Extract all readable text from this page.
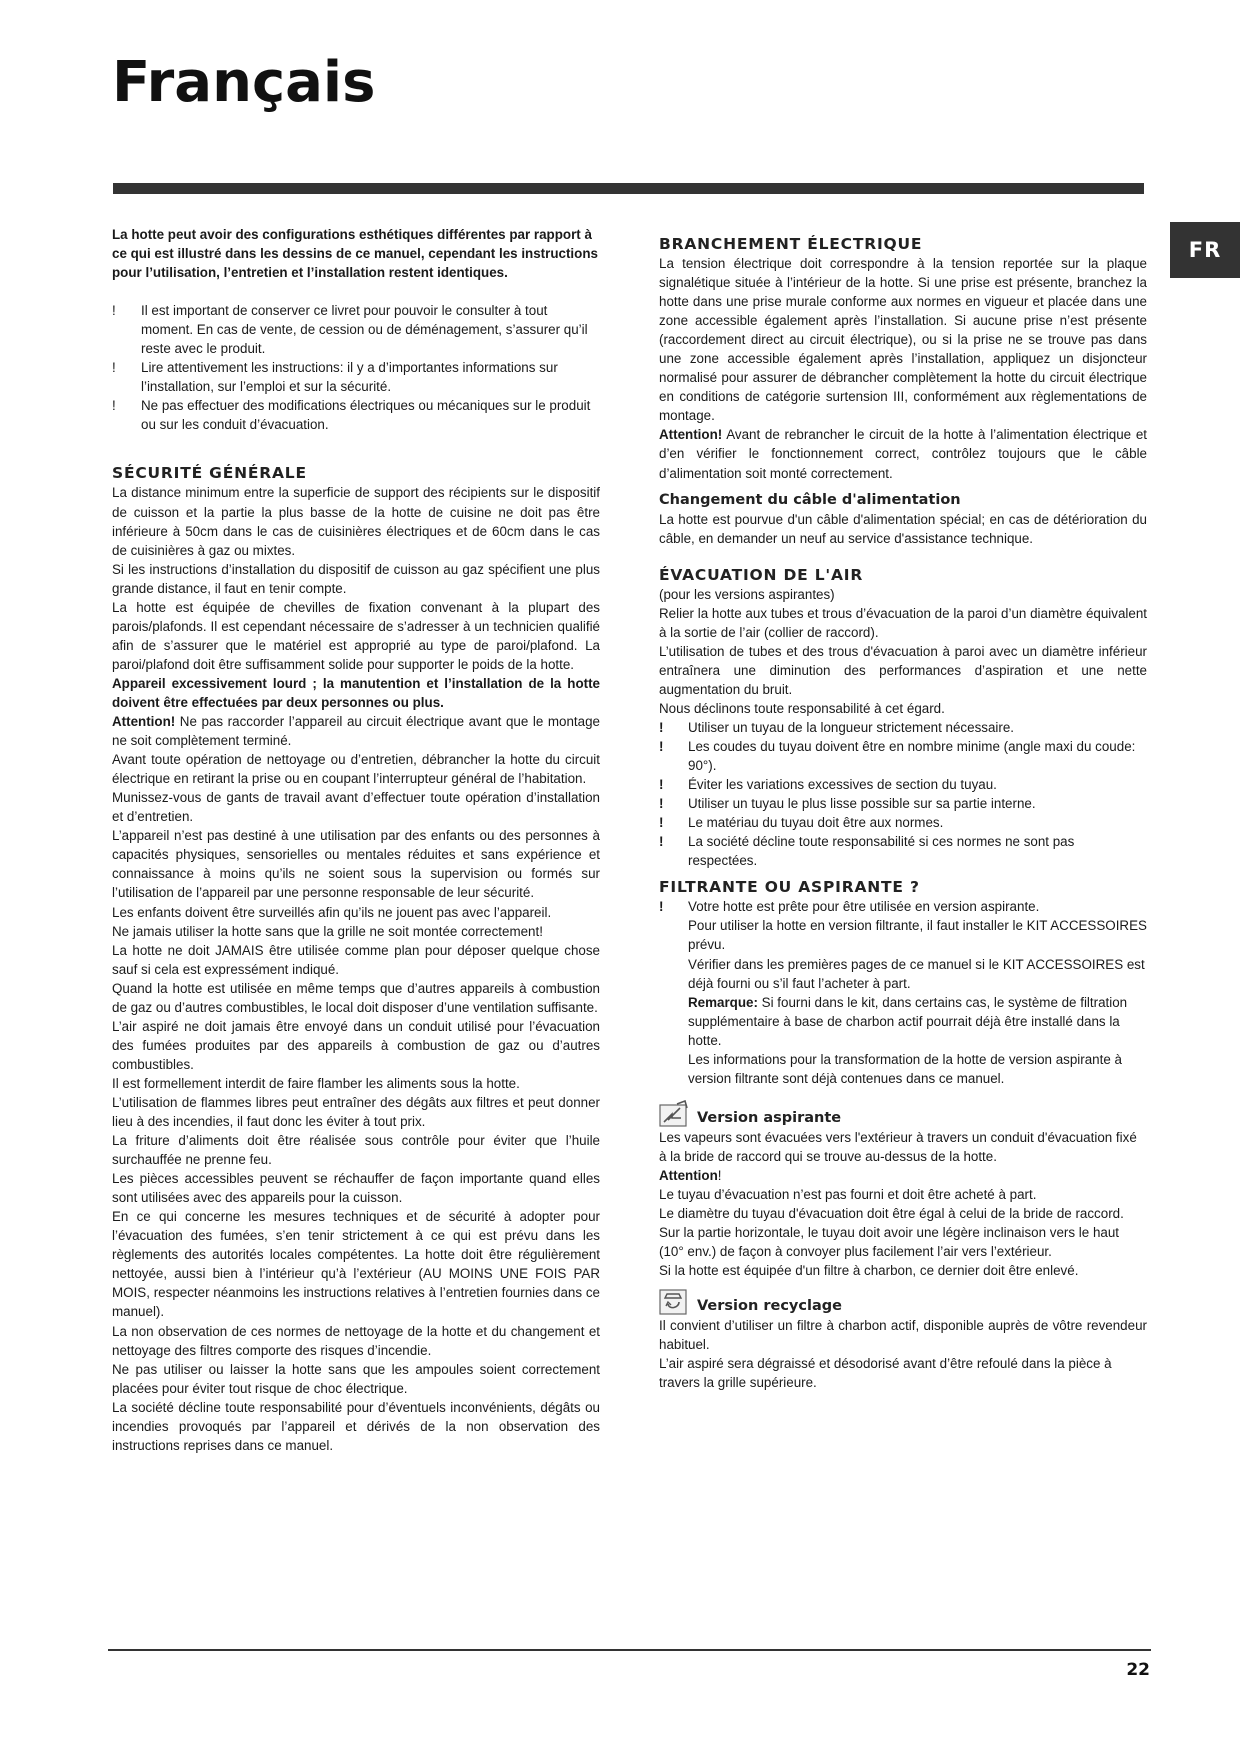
Français
FR

La hotte peut avoir des configurations esthétiques différentes par rapport à ce qui est illustré dans les dessins de ce manuel, cependant les instructions pour l’utilisation, l’entretien et l’installation restent identiques.

!	Il est important de conserver ce livret pour pouvoir le consulter à tout moment. En cas de vente, de cession ou de déménagement, s’assurer qu’il reste avec le produit.
!	Lire attentivement les instructions: il y a d’importantes informations sur l’installation, sur l’emploi et sur la sécurité.
!	Ne pas effectuer des modifications électriques ou mécaniques sur le produit ou sur les conduit d’évacuation.
SÉCURITÉ GÉNÉRALE

La distance minimum entre la superficie de support des récipients sur le dispositif de cuisson et la partie la plus basse de la hotte de cuisine ne doit pas être inférieure à 50cm dans le cas de cuisinières électriques et de 60cm dans le cas de cuisinières à gaz ou mixtes.

Si les instructions d’installation du dispositif de cuisson au gaz spécifient une plus grande distance, il faut en tenir compte.

La hotte est équipée de chevilles de fixation convenant à la plupart des parois/plafonds. Il est cependant nécessaire de s’adresser à un technicien qualifié afin de s’assurer que le matériel est approprié au type de paroi/plafond. La paroi/plafond doit être suffisamment solide pour supporter le poids de la hotte.

Appareil excessivement lourd ; la manutention et l’installation de la hotte doivent être effectuées par deux personnes ou plus.

Attention! Ne pas raccorder l’appareil au circuit électrique avant que le montage ne soit complètement terminé.

Avant toute opération de nettoyage ou d’entretien, débrancher la hotte du circuit électrique en retirant la prise ou en coupant l’interrupteur général de l’habitation.

Munissez-vous de gants de travail avant d’effectuer toute opération d’installation et d’entretien.

L’appareil n’est pas destiné à une utilisation par des enfants ou des personnes à capacités physiques, sensorielles ou mentales réduites et sans expérience et connaissance à moins qu’ils ne soient sous la supervision ou formés sur l’utilisation de l’appareil par une personne responsable de leur sécurité.

Les enfants doivent être surveillés afin qu’ils ne jouent pas avec l’appareil.

Ne jamais utiliser la hotte sans que la grille ne soit montée correctement!

La hotte ne doit JAMAIS être utilisée comme plan pour déposer quelque chose sauf si cela est expressément indiqué.

Quand la hotte est utilisée en même temps que d’autres appareils à combustion de gaz ou d’autres combustibles, le local doit disposer d’une ventilation suffisante.

L’air aspiré ne doit jamais être envoyé dans un conduit utilisé pour l’évacuation des fumées produites par des appareils à combustion de gaz ou d’autres combustibles.

Il est formellement interdit de faire flamber les aliments sous la hotte.

L’utilisation de flammes libres peut entraîner des dégâts aux filtres et peut donner lieu à des incendies, il faut donc les éviter à tout prix.

La friture d’aliments doit être réalisée sous contrôle pour éviter que l’huile surchauffée ne prenne feu.

Les pièces accessibles peuvent se réchauffer de façon importante quand elles sont utilisées avec des appareils pour la cuisson.

En ce qui concerne les mesures techniques et de sécurité à adopter pour l’évacuation des fumées, s’en tenir strictement à ce qui est prévu dans les règlements des autorités locales compétentes. La hotte doit être régulièrement nettoyée, aussi bien à l’intérieur qu’à l’extérieur (AU MOINS UNE FOIS PAR MOIS, respecter néanmoins les instructions relatives à l’entretien fournies dans ce manuel).

La non observation de ces normes de nettoyage de la hotte et du changement et nettoyage des filtres comporte des risques d’incendie.

Ne pas utiliser ou laisser la hotte sans que les ampoules soient correctement placées pour éviter tout risque de choc électrique.

La société décline toute responsabilité pour d’éventuels inconvénients, dégâts ou incendies provoqués par l’appareil et dérivés de la non observation des instructions reprises dans ce manuel.

BRANCHEMENT ÉLECTRIQUE

La tension électrique doit correspondre à la tension reportée sur la plaque signalétique située à l’intérieur de la hotte. Si une prise est présente, branchez la hotte dans une prise murale conforme aux normes en vigueur et placée dans une zone accessible également après l’installation. Si aucune prise n’est présente (raccordement direct au circuit électrique), ou si la prise ne se trouve pas dans une zone accessible également après l’installation, appliquez un disjoncteur normalisé pour assurer de débrancher complètement la hotte du circuit électrique en conditions de catégorie surtension III, conformément aux règlementations de montage.

Attention! Avant de rebrancher le circuit de la hotte à l’alimentation électrique et d’en vérifier le fonctionnement correct, contrôlez toujours que le câble d’alimentation soit monté correctement.

Changement du câble d'alimentation

La hotte est pourvue d'un câble d'alimentation spécial; en cas de détérioration du câble, en demander un neuf au service d'assistance technique.

ÉVACUATION DE L'AIR

(pour les versions aspirantes)

Relier la hotte aux tubes et trous d’évacuation de la paroi d’un diamètre équivalent à la sortie de l’air (collier de raccord).

L’utilisation de tubes et des trous d'évacuation à paroi avec un diamètre inférieur entraînera une diminution des performances d’aspiration et une nette augmentation du bruit.

Nous déclinons toute responsabilité à cet égard.

!	Utiliser un tuyau de la longueur strictement nécessaire.
!	Les coudes du tuyau doivent être en nombre minime (angle maxi du coude: 90°).
!	Éviter les variations excessives de section du tuyau.
!	Utiliser un tuyau le plus lisse possible sur sa partie interne.
!	Le matériau du tuyau doit être aux normes.
!	La société décline toute responsabilité si ces normes ne sont pas respectées.
FILTRANTE OU ASPIRANTE ?
!	Votre hotte est prête pour être utilisée en version aspirante.

Pour utiliser la hotte en version filtrante, il faut installer le KIT ACCESSOIRES prévu.

Vérifier dans les premières pages de ce manuel si le KIT ACCESSOIRES est déjà fourni ou s’il faut l’acheter à part.

Remarque: Si fourni dans le kit, dans certains cas, le système de filtration supplémentaire à base de charbon actif pourrait déjà être installé dans la hotte.

Les informations pour la transformation de la hotte de version aspirante à version filtrante sont déjà contenues dans ce manuel.

Version aspirante

Les vapeurs sont évacuées vers l'extérieur à travers un conduit d'évacuation fixé à la bride de raccord qui se trouve au-dessus de la hotte.

Attention!

Le tuyau d’évacuation n’est pas fourni et doit être acheté à part.

Le diamètre du tuyau d'évacuation doit être égal à celui de la bride de raccord.

Sur la partie horizontale, le tuyau doit avoir une légère inclinaison vers le haut (10° env.) de façon à convoyer plus facilement l’air vers l’extérieur.

Si la hotte est équipée d'un filtre à charbon, ce dernier doit être enlevé.

Version recyclage

Il convient d’utiliser un filtre à charbon actif, disponible auprès de vôtre revendeur habituel.

L’air aspiré sera dégraissé et désodorisé avant d’être refoulé dans la pièce à travers la grille supérieure.

22
